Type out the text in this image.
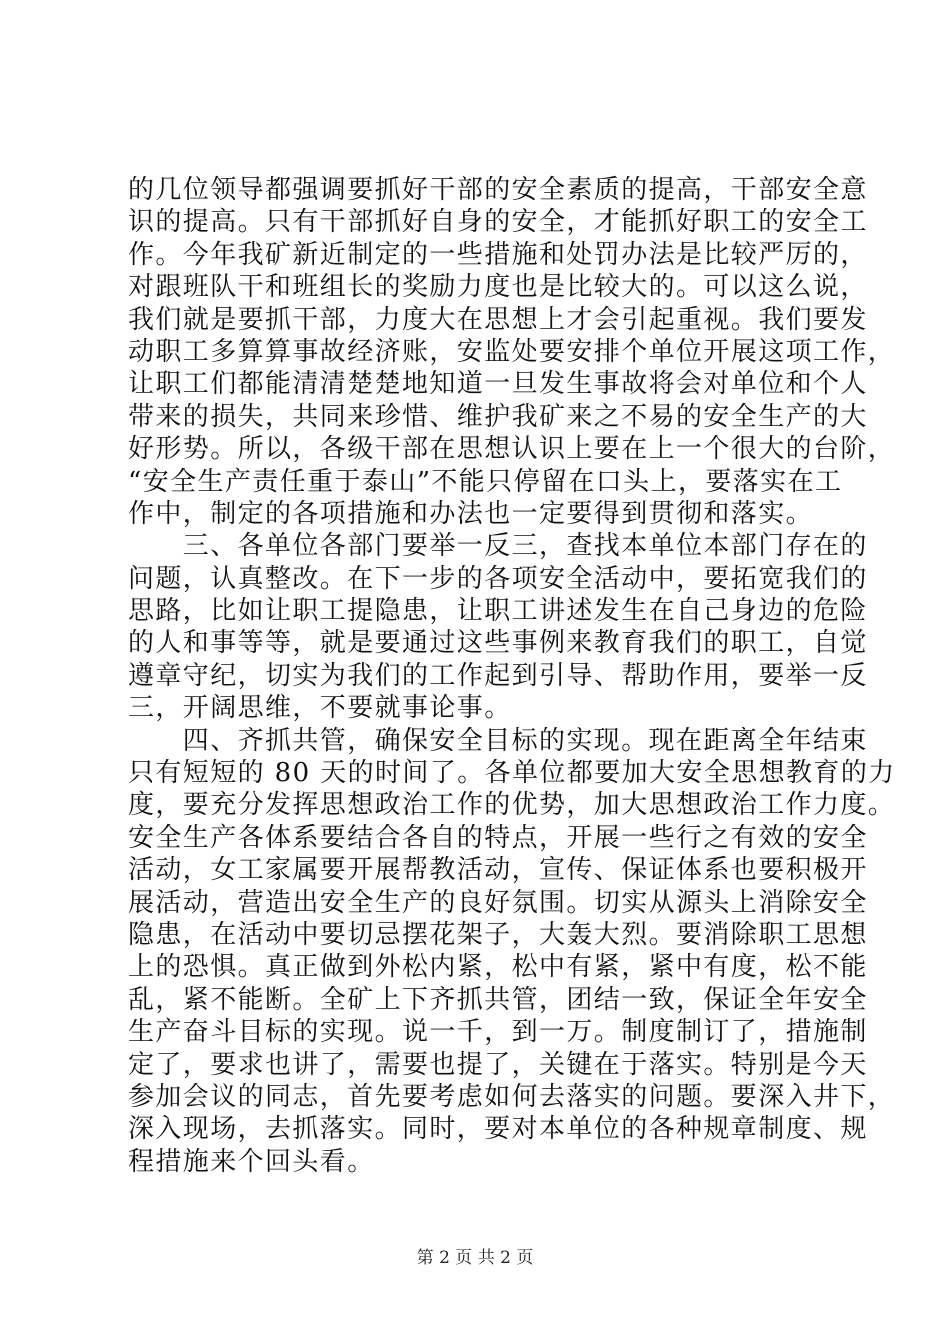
的几位领导都强调要抓好干部的安全素质的提高，干部安全意
识的提高。只有干部抓好自身的安全，才能抓好职工的安全工
作。今年我矿新近制定的一些措施和处罚办法是比较严厉的，
对跟班队干和班组长的奖励力度也是比较大的。可以这么说，
我们就是要抓干部，力度大在思想上才会引起重视。我们要发
动职工多算算事故经济账，安监处要安排个单位开展这项工作，
让职工们都能清清楚楚地知道一旦发生事故将会对单位和个人
带来的损失，共同来珍惜、维护我矿来之不易的安全生产的大
好形势。所以，各级干部在思想认识上要在上一个很大的台阶，
“安全生产责任重于泰山”不能只停留在口头上，要落实在工
作中，制定的各项措施和办法也一定要得到贯彻和落实。
　　三、各单位各部门要举一反三，查找本单位本部门存在的
问题，认真整改。在下一步的各项安全活动中，要拓宽我们的
思路，比如让职工提隐患，让职工讲述发生在自己身边的危险
的人和事等等，就是要通过这些事例来教育我们的职工，自觉
遵章守纪，切实为我们的工作起到引导、帮助作用，要举一反
三，开阔思维，不要就事论事。
　　四、齐抓共管，确保安全目标的实现。现在距离全年结束
只有短短的 80 天的时间了。各单位都要加大安全思想教育的力
度，要充分发挥思想政治工作的优势，加大思想政治工作力度。
安全生产各体系要结合各自的特点，开展一些行之有效的安全
活动，女工家属要开展帮教活动，宣传、保证体系也要积极开
展活动，营造出安全生产的良好氛围。切实从源头上消除安全
隐患，在活动中要切忌摆花架子，大轰大烈。要消除职工思想
上的恐惧。真正做到外松内紧，松中有紧，紧中有度，松不能
乱，紧不能断。全矿上下齐抓共管，团结一致，保证全年安全
生产奋斗目标的实现。说一千，到一万。制度制订了，措施制
定了，要求也讲了，需要也提了，关键在于落实。特别是今天
参加会议的同志，首先要考虑如何去落实的问题。要深入井下，
深入现场，去抓落实。同时，要对本单位的各种规章制度、规
程措施来个回头看。
第 2 页 共 2 页
